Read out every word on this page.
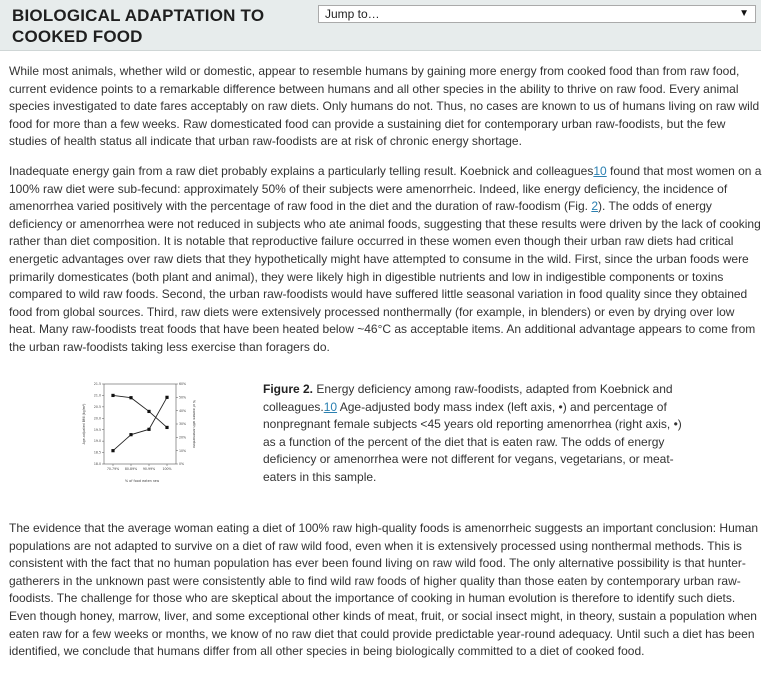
BIOLOGICAL ADAPTATION TO COOKED FOOD
Jump to…	▼
While most animals, whether wild or domestic, appear to resemble humans by gaining more energy from cooked food than from raw food, current evidence points to a remarkable difference between humans and all other species in the ability to thrive on raw food. Every animal species investigated to date fares acceptably on raw diets. Only humans do not. Thus, no cases are known to us of humans living on raw wild food for more than a few weeks. Raw domesticated food can provide a sustaining diet for contemporary urban raw-foodists, but the few studies of health status all indicate that urban raw-foodists are at risk of chronic energy shortage.
Inadequate energy gain from a raw diet probably explains a particularly telling result. Koebnick and colleagues10 found that most women on a 100% raw diet were sub-fecund: approximately 50% of their subjects were amenorrheic. Indeed, like energy deficiency, the incidence of amenorrhea varied positively with the percentage of raw food in the diet and the duration of raw-foodism (Fig. 2). The odds of energy deficiency or amenorrhea were not reduced in subjects who ate animal foods, suggesting that these results were driven by the lack of cooking rather than diet composition. It is notable that reproductive failure occurred in these women even though their urban raw diets had critical energetic advantages over raw diets that they hypothetically might have attempted to consume in the wild. First, since the urban foods were primarily domesticates (both plant and animal), they were likely high in digestible nutrients and low in indigestible components or toxins compared to wild raw foods. Second, the urban raw-foodists would have suffered little seasonal variation in food quality since they obtained food from global sources. Third, raw diets were extensively processed nonthermally (for example, in blenders) or even by drying over low heat. Many raw-foodists treat foods that have been heated below ~46°C as acceptable items. An additional advantage appears to come from the urban raw-foodists taking less exercise than foragers do.
Age-adjusted BMI (kg/m²)	% of women with amenorrhea
% of food eaten raw
18.0
18.5
19.0
19.5
20.0
20.5
21.0
21.5
0%
10%
20%
30%
40%
50%
60%
70-79% 80-89% 90-99% 100%
Figure 2. Energy deficiency among raw-foodists, adapted from Koebnick and colleagues.10 Age-adjusted body mass index (left axis, •) and percentage of nonpregnant female subjects <45 years old reporting amenorrhea (right axis, •) as a function of the percent of the diet that is eaten raw. The odds of energy deficiency or amenorrhea were not different for vegans, vegetarians, or meat-eaters in this sample.
The evidence that the average woman eating a diet of 100% raw high-quality foods is amenorrheic suggests an important conclusion: Human populations are not adapted to survive on a diet of raw wild food, even when it is extensively processed using nonthermal methods. This is consistent with the fact that no human population has ever been found living on raw wild food. The only alternative possibility is that hunter-gatherers in the unknown past were consistently able to find wild raw foods of higher quality than those eaten by contemporary urban raw-foodists. The challenge for those who are skeptical about the importance of cooking in human evolution is therefore to identify such diets. Even though honey, marrow, liver, and some exceptional other kinds of meat, fruit, or social insect might, in theory, sustain a population when eaten raw for a few weeks or months, we know of no raw diet that could provide predictable year-round adequacy. Until such a diet has been identified, we conclude that humans differ from all other species in being biologically committed to a diet of cooked food.
